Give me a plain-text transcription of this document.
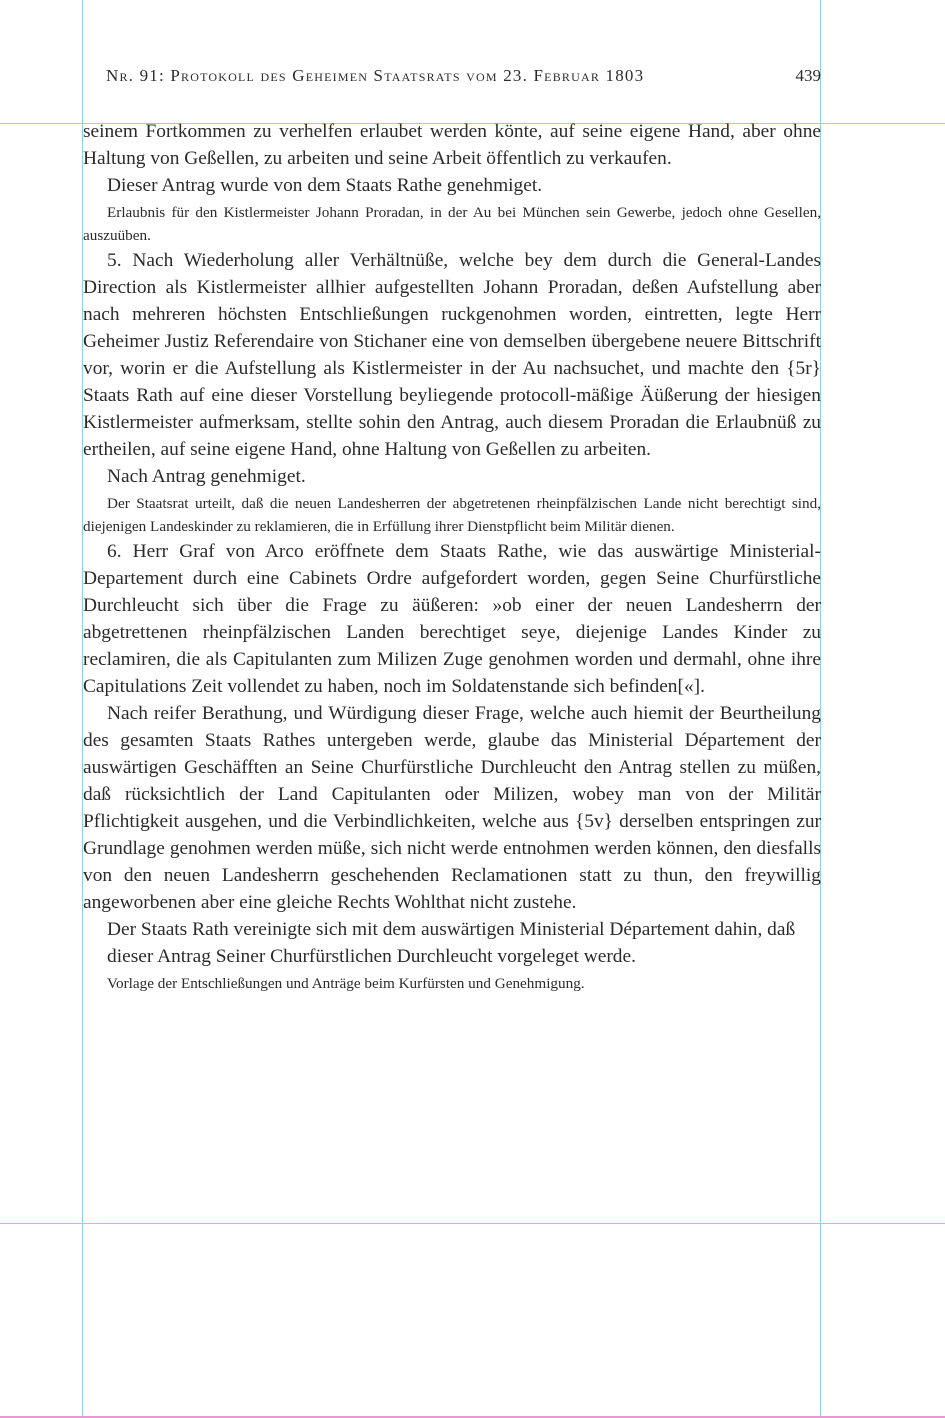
Nr. 91: Protokoll des Geheimen Staatsrats vom 23. Februar 1803	439

seinem Fortkommen zu verhelfen erlaubet werden könte, auf seine eigene Hand, aber ohne Haltung von Geßellen, zu arbeiten und seine Arbeit öffentlich zu verkaufen.

Dieser Antrag wurde von dem Staats Rathe genehmiget.

Erlaubnis für den Kistlermeister Johann Proradan, in der Au bei München sein Gewerbe, jedoch ohne Gesellen, auszuüben.

5. Nach Wiederholung aller Verhältnüße, welche bey dem durch die General-Landes Direction als Kistlermeister allhier aufgestellten Johann Proradan, deßen Aufstellung aber nach mehreren höchsten Entschließungen ruckgenohmen worden, eintretten, legte Herr Geheimer Justiz Referendaire von Stichaner eine von demselben übergebene neuere Bittschrift vor, worin er die Aufstellung als Kistlermeister in der Au nachsuchet, und machte den {5r} Staats Rath auf eine dieser Vorstellung beyliegende protocoll-mäßige Äüßerung der hiesigen Kistlermeister aufmerksam, stellte sohin den Antrag, auch diesem Proradan die Erlaubnüß zu ertheilen, auf seine eigene Hand, ohne Haltung von Geßellen zu arbeiten.

Nach Antrag genehmiget.

Der Staatsrat urteilt, daß die neuen Landesherren der abgetretenen rheinpfälzischen Lande nicht berechtigt sind, diejenigen Landeskinder zu reklamieren, die in Erfüllung ihrer Dienstpflicht beim Militär dienen.

6. Herr Graf von Arco eröffnete dem Staats Rathe, wie das auswärtige Ministerial-Departement durch eine Cabinets Ordre aufgefordert worden, gegen Seine Churfürstliche Durchleucht sich über die Frage zu äüßeren: »ob einer der neuen Landesherrn der abgetrettenen rheinpfälzischen Landen berechtiget seye, diejenige Landes Kinder zu reclamiren, die als Capitulanten zum Milizen Zuge genohmen worden und dermahl, ohne ihre Capitulations Zeit vollendet zu haben, noch im Soldatenstande sich befinden[«].

Nach reifer Berathung, und Würdigung dieser Frage, welche auch hiemit der Beurtheilung des gesamten Staats Rathes untergeben werde, glaube das Ministerial Département der auswärtigen Geschäfften an Seine Churfürstliche Durchleucht den Antrag stellen zu müßen, daß rücksichtlich der Land Capitulanten oder Milizen, wobey man von der Militär Pflichtigkeit ausgehen, und die Verbindlichkeiten, welche aus {5v} derselben entspringen zur Grundlage genohmen werden müße, sich nicht werde entnohmen werden können, den diesfalls von den neuen Landesherrn geschehenden Reclamationen statt zu thun, den freywillig angeworbenen aber eine gleiche Rechts Wohlthat nicht zustehe.

Der Staats Rath vereinigte sich mit dem auswärtigen Ministerial Département dahin, daß dieser Antrag Seiner Churfürstlichen Durchleucht vorgeleget werde.

Vorlage der Entschließungen und Anträge beim Kurfürsten und Genehmigung.
